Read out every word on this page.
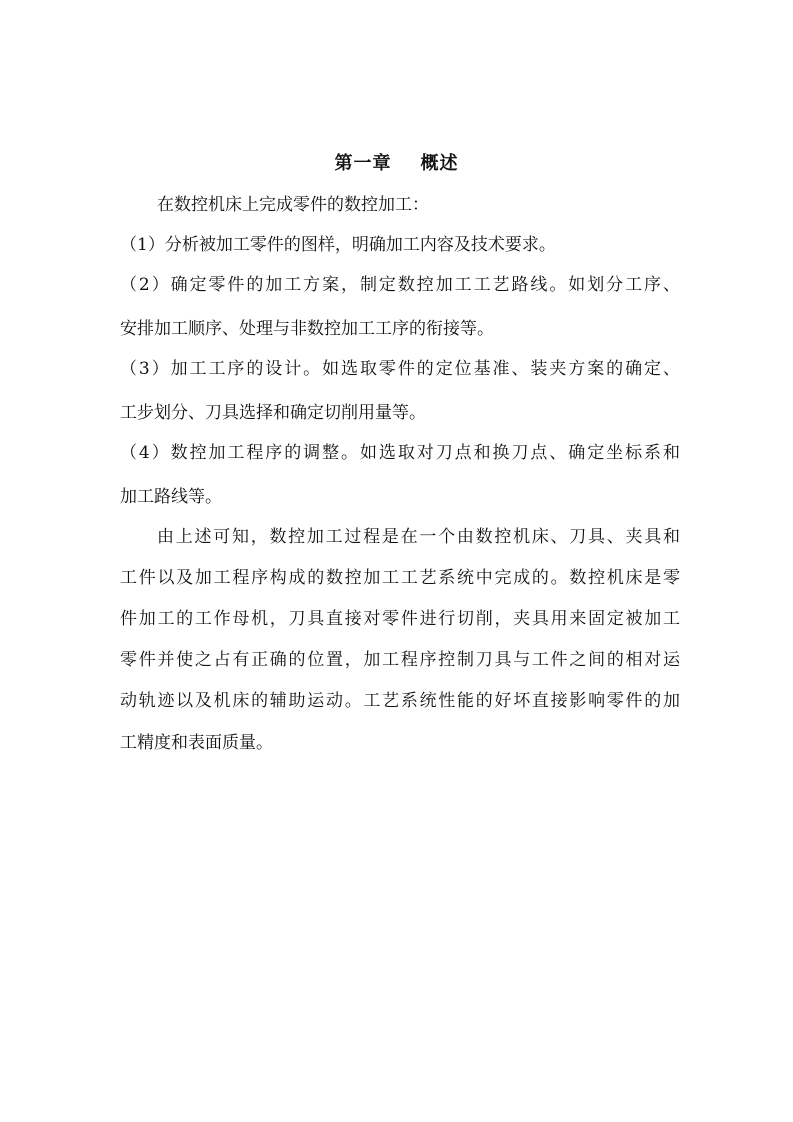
第一章    概述
在数控机床上完成零件的数控加工：
（1）分析被加工零件的图样，明确加工内容及技术要求。
（2）确定零件的加工方案，制定数控加工工艺路线。如划分工序、
安排加工顺序、处理与非数控加工工序的衔接等。
（3）加工工序的设计。如选取零件的定位基准、装夹方案的确定、
工步划分、刀具选择和确定切削用量等。
（4）数控加工程序的调整。如选取对刀点和换刀点、确定坐标系和
加工路线等。
由上述可知，数控加工过程是在一个由数控机床、刀具、夹具和
工件以及加工程序构成的数控加工工艺系统中完成的。数控机床是零
件加工的工作母机，刀具直接对零件进行切削，夹具用来固定被加工
零件并使之占有正确的位置，加工程序控制刀具与工件之间的相对运
动轨迹以及机床的辅助运动。工艺系统性能的好坏直接影响零件的加
工精度和表面质量。
